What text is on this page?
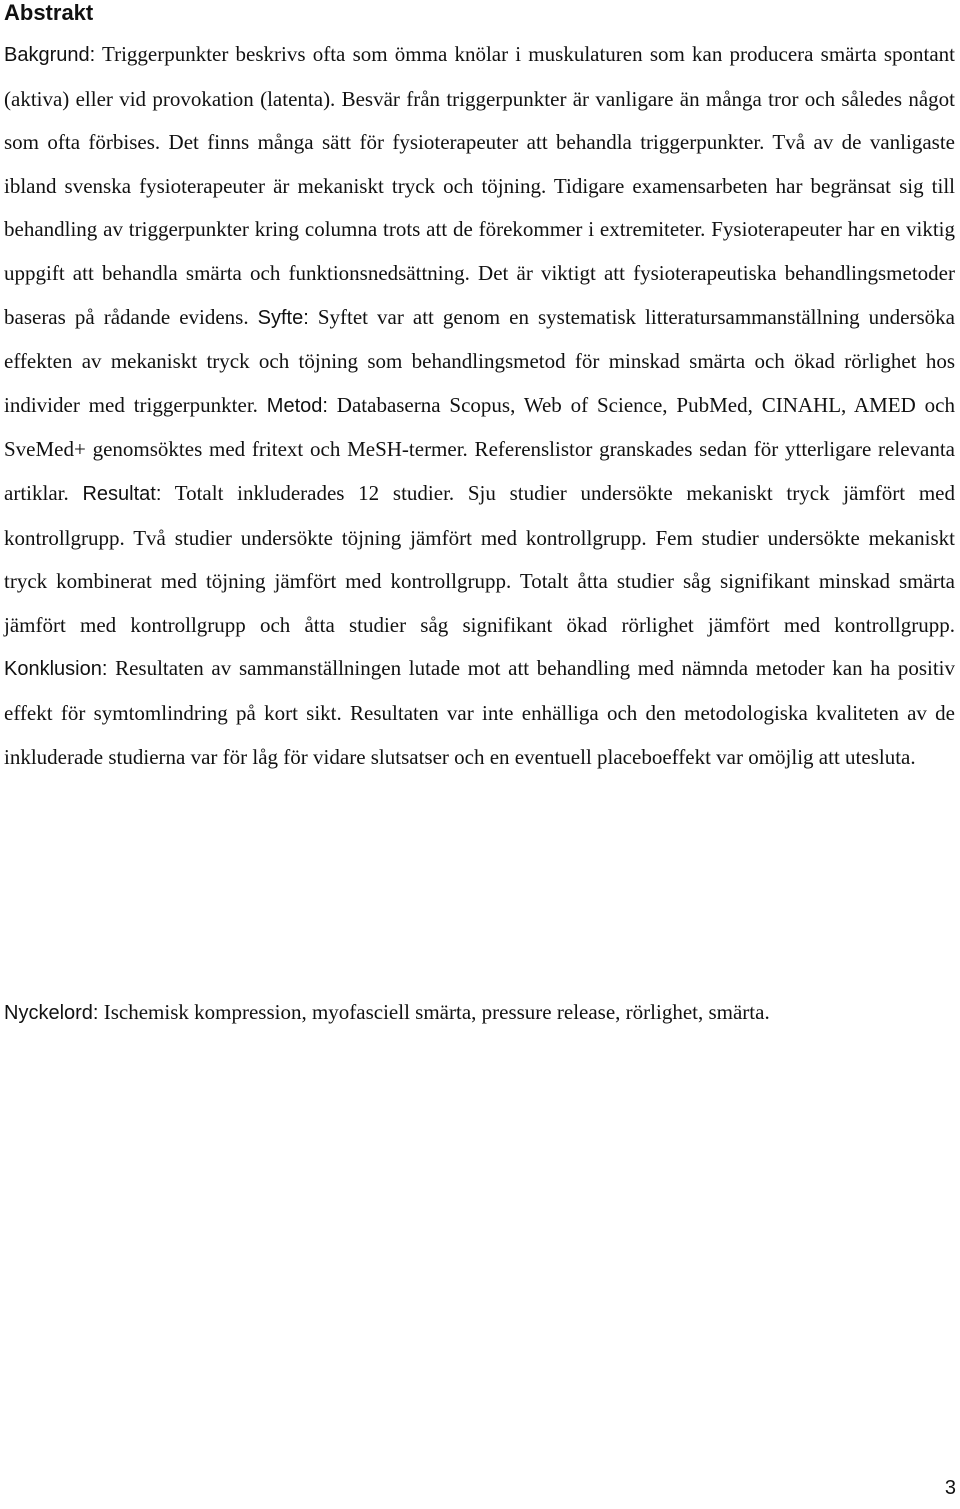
Abstrakt

Bakgrund: Triggerpunkter beskrivs ofta som ömma knölar i muskulaturen som kan producera smärta spontant (aktiva) eller vid provokation (latenta). Besvär från triggerpunkter är vanligare än många tror och således något som ofta förbises. Det finns många sätt för fysioterapeuter att behandla triggerpunkter. Två av de vanligaste ibland svenska fysioterapeuter är mekaniskt tryck och töjning. Tidigare examensarbeten har begränsat sig till behandling av triggerpunkter kring columna trots att de förekommer i extremiteter. Fysioterapeuter har en viktig uppgift att behandla smärta och funktionsnedsättning. Det är viktigt att fysioterapeutiska behandlingsmetoder baseras på rådande evidens. Syfte: Syftet var att genom en systematisk litteratursammanställning undersöka effekten av mekaniskt tryck och töjning som behandlingsmetod för minskad smärta och ökad rörlighet hos individer med triggerpunkter. Metod: Databaserna Scopus, Web of Science, PubMed, CINAHL, AMED och SveMed+ genomsöktes med fritext och MeSH-termer. Referenslistor granskades sedan för ytterligare relevanta artiklar. Resultat: Totalt inkluderades 12 studier. Sju studier undersökte mekaniskt tryck jämfört med kontrollgrupp. Två studier undersökte töjning jämfört med kontrollgrupp. Fem studier undersökte mekaniskt tryck kombinerat med töjning jämfört med kontrollgrupp. Totalt åtta studier såg signifikant minskad smärta jämfört med kontrollgrupp och åtta studier såg signifikant ökad rörlighet jämfört med kontrollgrupp. Konklusion: Resultaten av sammanställningen lutade mot att behandling med nämnda metoder kan ha positiv effekt för symtomlindring på kort sikt. Resultaten var inte enhälliga och den metodologiska kvaliteten av de inkluderade studierna var för låg för vidare slutsatser och en eventuell placeboeffekt var omöjlig att utesluta.

Nyckelord: Ischemisk kompression, myofasciell smärta, pressure release, rörlighet, smärta.

3
